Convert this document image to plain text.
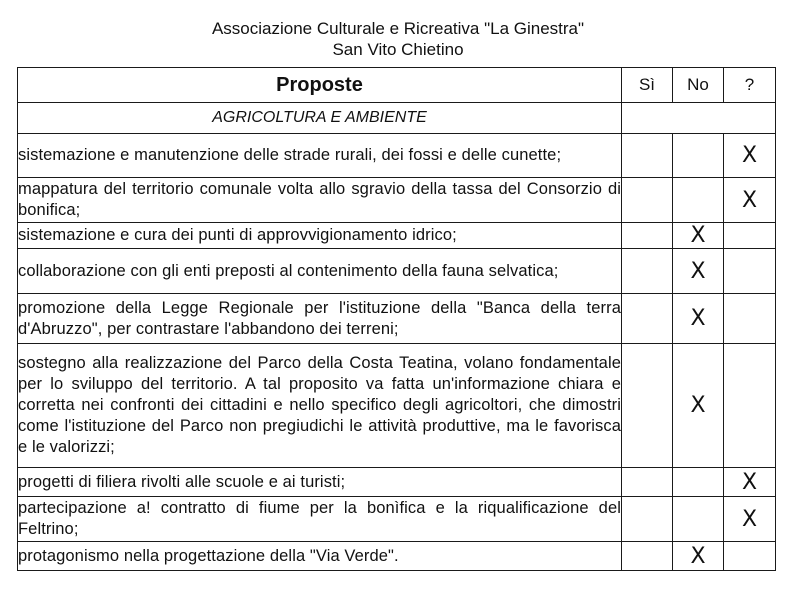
Associazione Culturale e Ricreativa "La Ginestra"
San Vito Chietino
Proposte	Sì	No	?
AGRICOLTURA E AMBIENTE			
sistemazione e manutenzione delle strade rurali, dei fossi e delle cunette;			X
mappatura del territorio comunale volta allo sgravio della tassa del Consorzio di bonifica;			X
sistemazione e cura dei punti di approvvigionamento idrico;		X	
collaborazione con gli enti preposti al contenimento della fauna selvatica;		X	
promozione della Legge Regionale per l'istituzione della "Banca della terra d'Abruzzo", per contrastare l'abbandono dei terreni;		X	
sostegno alla realizzazione del Parco della Costa Teatina, volano fondamentale per lo sviluppo del territorio. A tal proposito va fatta un'informazione chiara e corretta nei confronti dei cittadini e nello specifico degli agricoltori, che dimostri come l'istituzione del Parco non pregiudichi le attività produttive, ma le favorisca e le valorizzi;		X	
progetti di filiera rivolti alle scuole e ai turisti;			X
partecipazione a! contratto di fiume per la bonìfica e la riqualificazione del Feltrino;			X
protagonismo nella progettazione della "Via Verde".		X	
